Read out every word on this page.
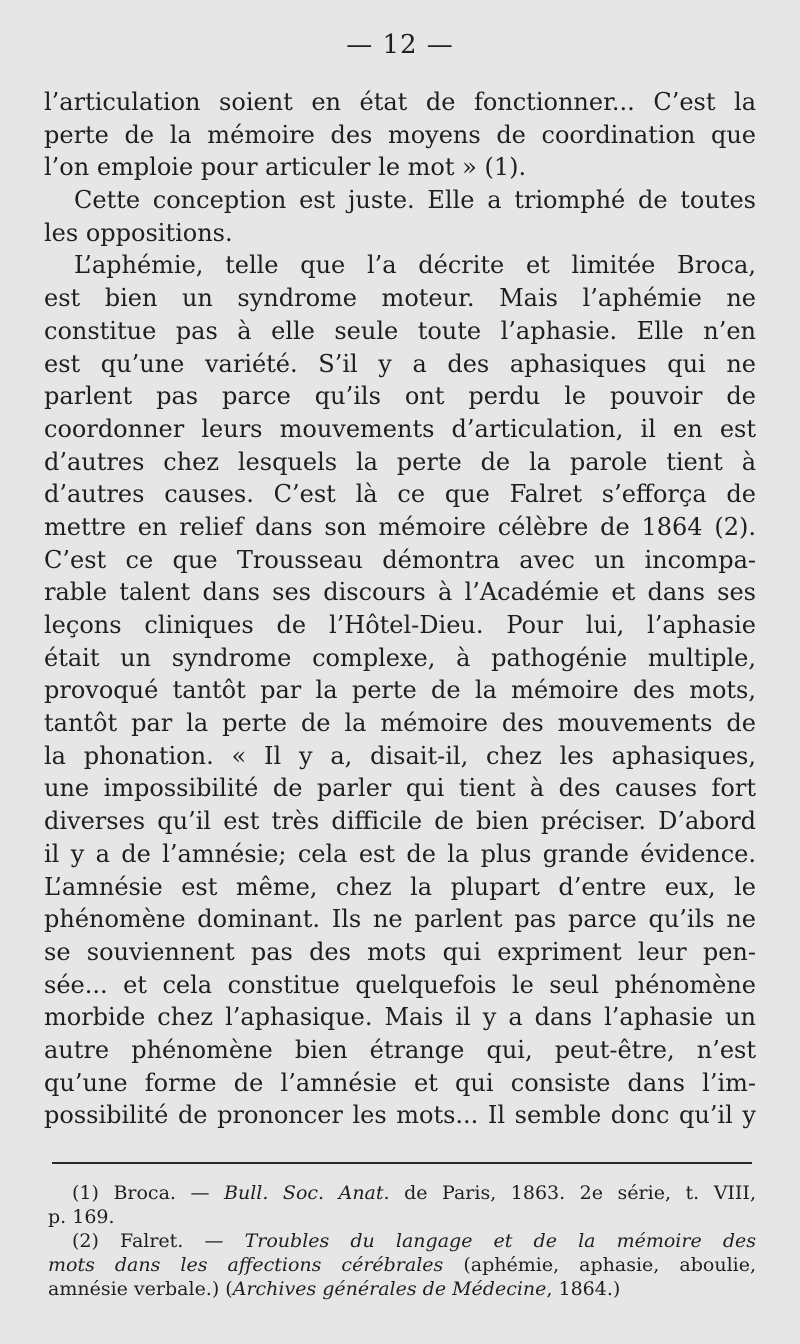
— 12 —
l’articulation soient en état de fonctionner... C’est la
perte de la mémoire des moyens de coordination que
l’on emploie pour articuler le mot » (1).
Cette conception est juste. Elle a triomphé de toutes
les oppositions.
L’aphémie, telle que l’a décrite et limitée Broca,
est bien un syndrome moteur. Mais l’aphémie ne
constitue pas à elle seule toute l’aphasie. Elle n’en
est qu’une variété. S’il y a des aphasiques qui ne
parlent pas parce qu’ils ont perdu le pouvoir de
coordonner leurs mouvements d’articulation, il en est
d’autres chez lesquels la perte de la parole tient à
d’autres causes. C’est là ce que Falret s’efforça de
mettre en relief dans son mémoire célèbre de 1864 (2).
C’est ce que Trousseau démontra avec un incompa-
rable talent dans ses discours à l’Académie et dans ses
leçons cliniques de l’Hôtel-Dieu. Pour lui, l’aphasie
était un syndrome complexe, à pathogénie multiple,
provoqué tantôt par la perte de la mémoire des mots,
tantôt par la perte de la mémoire des mouvements de
la phonation. « Il y a, disait-il, chez les aphasiques,
une impossibilité de parler qui tient à des causes fort
diverses qu’il est très difficile de bien préciser. D’abord
il y a de l’amnésie; cela est de la plus grande évidence.
L’amnésie est même, chez la plupart d’entre eux, le
phénomène dominant. Ils ne parlent pas parce qu’ils ne
se souviennent pas des mots qui expriment leur pen-
sée... et cela constitue quelquefois le seul phénomène
morbide chez l’aphasique. Mais il y a dans l’aphasie un
autre phénomène bien étrange qui, peut-être, n’est
qu’une forme de l’amnésie et qui consiste dans l’im-
possibilité de prononcer les mots... Il semble donc qu’il y
(1) Broca. — Bull. Soc. Anat. de Paris, 1863. 2e série, t. VIII,
p. 169.
(2) Falret. — Troubles du langage et de la mémoire des
mots dans les affections cérébrales (aphémie, aphasie, aboulie,
amnésie verbale.) (Archives générales de Médecine, 1864.)
